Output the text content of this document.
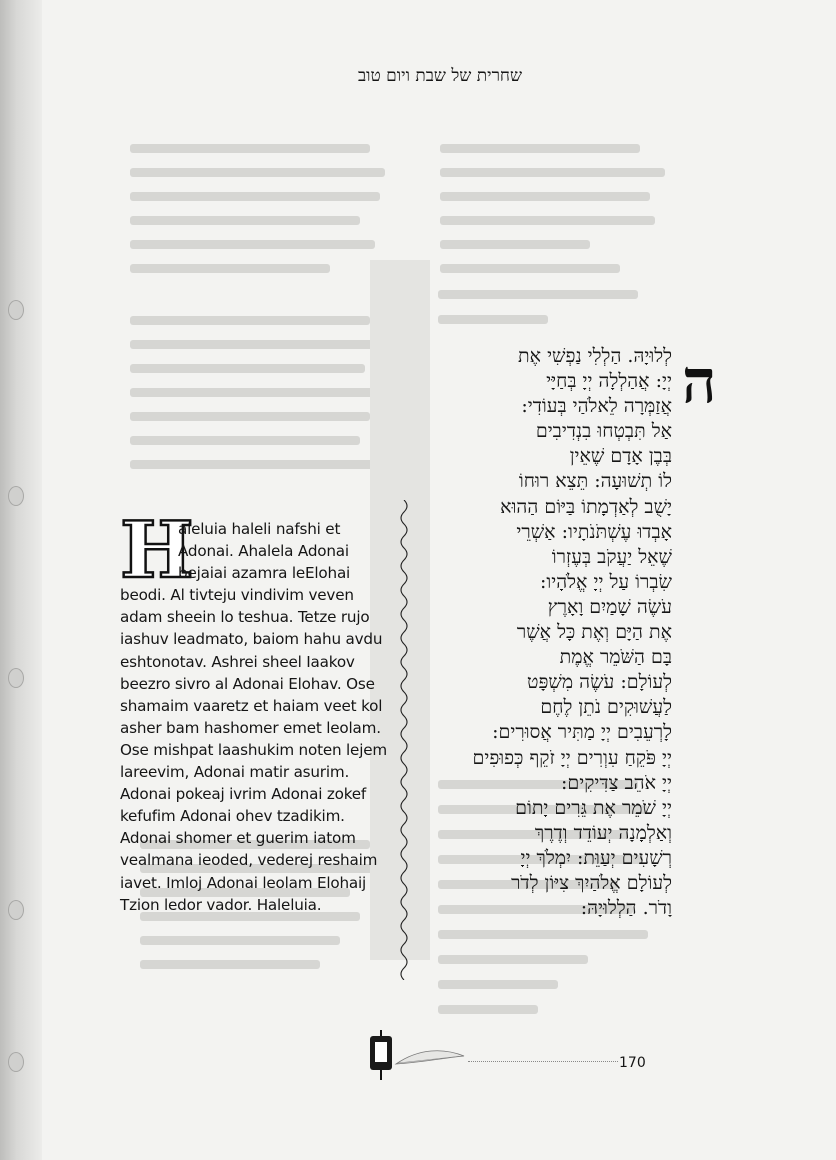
שחרית של שבת ויום טוב
H
aleluia haleli nafshi et Adonai. Ahalela Adonai bejaiai azamra leElohai beodi. Al tivteju vindivim veven adam sheein lo teshua. Tetze rujo iashuv leadmato, baiom hahu avdu eshtonotav. Ashrei sheel Iaakov beezro sivro al Adonai Elohav. Ose shamaim vaaretz et haiam veet kol asher bam hashomer emet leolam. Ose mishpat laashukim noten lejem lareevim, Adonai matir asurim. Adonai pokeaj ivrim Adonai zokef kefufim Adonai ohev tzadikim. Adonai shomer et guerim iatom vealmana ieoded, vederej reshaim iavet. Imloj Adonai leolam Elohaij Tzion ledor vador. Haleluia.
ה
לְלוּיָהּ. הַלְלִי נַפְשִׁי אֶת
יְיָ: אֲהַלְלָה יְיָ בְּחַיָּי
אֲזַמְּרָה לֵאלֹהַי בְּעוֹדִי:
אַל תִּבְטְחוּ בִנְדִיבִים
בְּבֶן אָדָם שֶׁאֵין
לוֹ תְשׁוּעָה: תֵּצֵא רוּחוֹ
יָשֻׁב לְאַדְמָתוֹ בַּיּוֹם הַהוּא
אָבְדוּ עֶשְׁתֹּנֹתָיו: אַשְׁרֵי
שֶׁאֵל יַעֲקֹב בְּעֶזְרוֹ
שִׂבְרוֹ עַל יְיָ אֱלֹהָיו:
עֹשֶׂה שָׁמַיִם וָאָרֶץ
אֶת הַיָּם וְאֶת כָּל אֲשֶׁר
בָּם הַשֹּׁמֵר אֱמֶת
לְעוֹלָם: עֹשֶׂה מִשְׁפָּט
לַעֲשׁוּקִים נֹתֵן לֶחֶם
לָרְעֵבִים יְיָ מַתִּיר אֲסוּרִים:
יְיָ פֹּקֵחַ עִוְרִים יְיָ זֹקֵף כְּפוּפִים
יְיָ אֹהֵב צַדִּיקִים:
יְיָ שֹׁמֵר אֶת גֵּרִים יָתוֹם
וְאַלְמָנָה יְעוֹדֵד וְדֶרֶךְ
רְשָׁעִים יְעַוֵּת: יִמְלֹךְ יְיָ
לְעוֹלָם אֱלֹהַיִךְ צִיּוֹן לְדֹר
וָדֹר. הַלְלוּיָהּ:
170
